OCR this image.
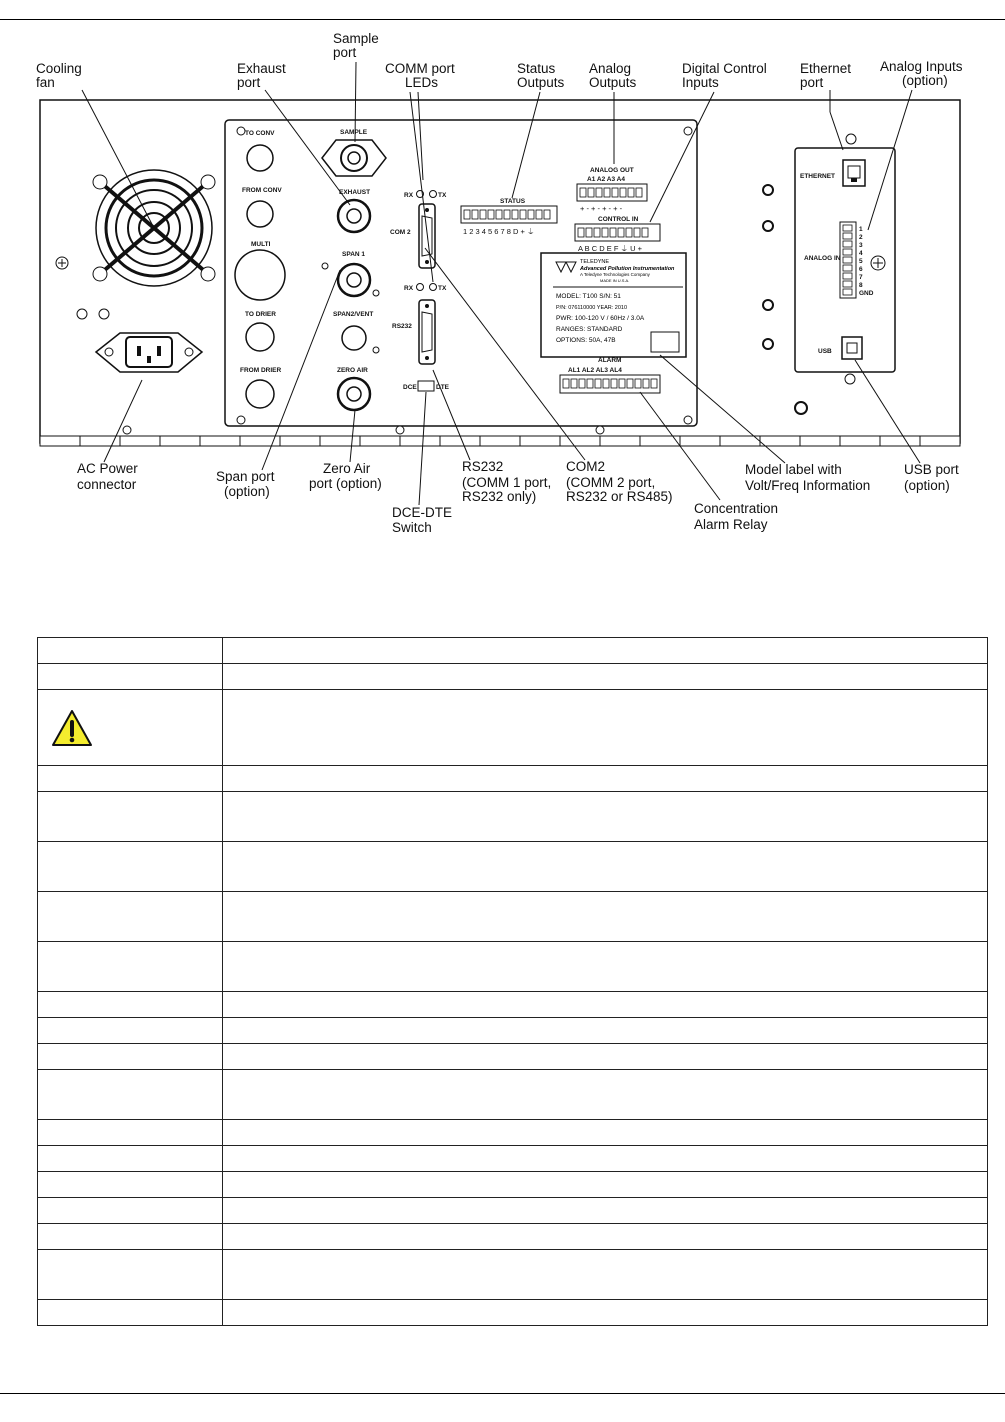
TO CONV
FROM CONV
MULTI
TO DRIER
FROM DRIER
SAMPLE
EXHAUST
SPAN 1
SPAN2/VENT
ZERO AIR
RX	TX
COM 2
RX	TX
RS232
DCE	DTE
STATUS
1 2 3 4 5 6 7 8 D + ⏚
ANALOG OUT
A1 A2 A3 A4
+ - + - + - + -
CONTROL IN
A B C D E F ⏚ U +
TELEDYNE
Advanced Pollution Instrumentation
A Teledyne Technologies Company
MADE IN U.S.A.
MODEL: T100 S/N: 51
P/N: 076110000 YEAR: 2010
PWR: 100-120 V / 60Hz / 3.0A
RANGES: STANDARD
OPTIONS: 50A, 47B
ALARM
AL1 AL2 AL3 AL4
ETHERNET
ANALOG IN
1
2
3
4
5
6
7
8
GND
USB
Cooling
fan
Exhaust
port
Sample
port
COMM port
LEDs
Status
Outputs
Analog
Outputs
Digital Control
Inputs
Ethernet
port
Analog Inputs
(option)
AC Power
connector
Span port
(option)
Zero Air
port (option)
RS232
(COMM 1 port,
RS232 only)
COM2
(COMM 2 port,
RS232 or RS485)
DCE-DTE
Switch
Concentration
Alarm Relay
Model label with
Volt/Freq Information
USB port
(option)
